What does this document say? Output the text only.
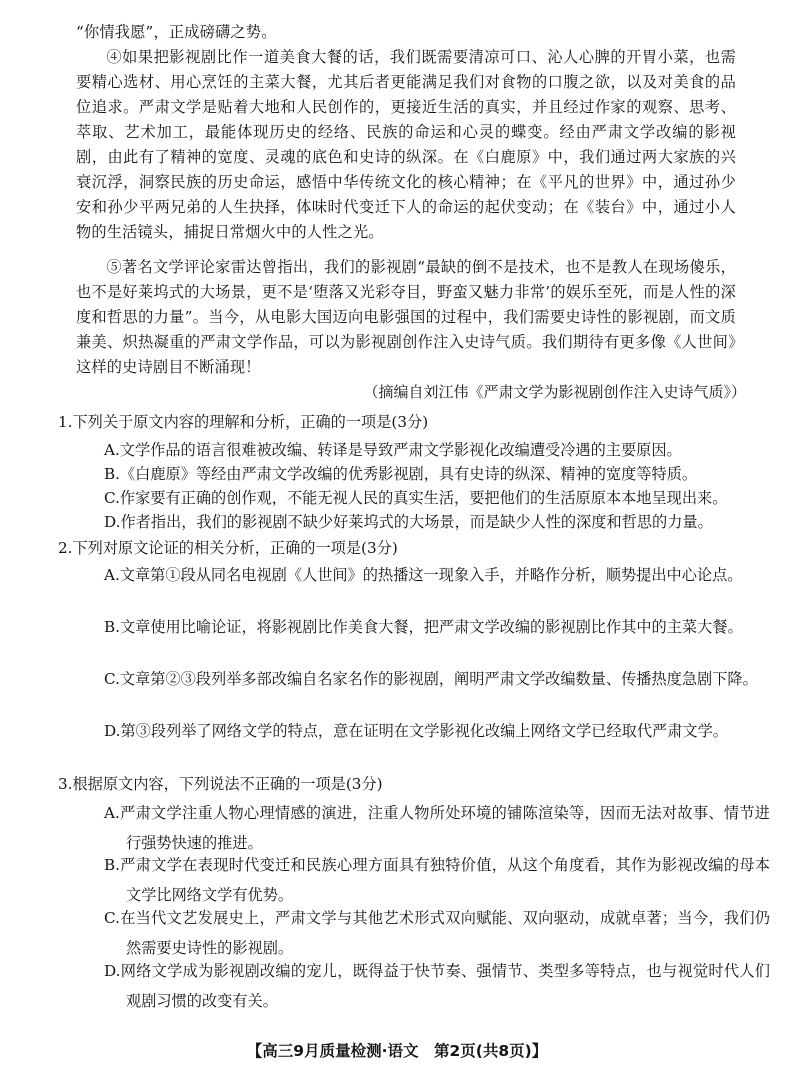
“你情我愿”，正成磅礴之势。
④如果把影视剧比作一道美食大餐的话，我们既需要清凉可口、沁人心脾的开胃小菜，也需要精心选材、用心烹饪的主菜大餐，尤其后者更能满足我们对食物的口腹之欲，以及对美食的品位追求。严肃文学是贴着大地和人民创作的，更接近生活的真实，并且经过作家的观察、思考、萃取、艺术加工，最能体现历史的经络、民族的命运和心灵的蝶变。经由严肃文学改编的影视剧，由此有了精神的宽度、灵魂的底色和史诗的纵深。在《白鹿原》中，我们通过两大家族的兴衰沉浮，洞察民族的历史命运，感悟中华传统文化的核心精神；在《平凡的世界》中，通过孙少安和孙少平两兄弟的人生抉择，体味时代变迁下人的命运的起伏变动；在《装台》中，通过小人物的生活镜头，捕捉日常烟火中的人性之光。
⑤著名文学评论家雷达曾指出，我们的影视剧“最缺的倒不是技术，也不是教人在现场傻乐，也不是好莱坞式的大场景，更不是‘堕落又光彩夺目，野蛮又魅力非常’的娱乐至死，而是人性的深度和哲思的力量”。当今，从电影大国迈向电影强国的过程中，我们需要史诗性的影视剧，而文质兼美、炽热凝重的严肃文学作品，可以为影视剧创作注入史诗气质。我们期待有更多像《人世间》这样的史诗剧目不断涌现！
（摘编自刘江伟《严肃文学为影视剧创作注入史诗气质》）
1.下列关于原文内容的理解和分析，正确的一项是(3分)
A.文学作品的语言很难被改编、转译是导致严肃文学影视化改编遭受冷遇的主要原因。
B.《白鹿原》等经由严肃文学改编的优秀影视剧，具有史诗的纵深、精神的宽度等特质。
C.作家要有正确的创作观，不能无视人民的真实生活，要把他们的生活原原本本地呈现出来。
D.作者指出，我们的影视剧不缺少好莱坞式的大场景，而是缺少人性的深度和哲思的力量。
2.下列对原文论证的相关分析，正确的一项是(3分)
A.文章第①段从同名电视剧《人世间》的热播这一现象入手，并略作分析，顺势提出中心论点。
B.文章使用比喻论证，将影视剧比作美食大餐，把严肃文学改编的影视剧比作其中的主菜大餐。
C.文章第②③段列举多部改编自名家名作的影视剧，阐明严肃文学改编数量、传播热度急剧下降。
D.第③段列举了网络文学的特点，意在证明在文学影视化改编上网络文学已经取代严肃文学。
3.根据原文内容，下列说法不正确的一项是(3分)
A.严肃文学注重人物心理情感的演进，注重人物所处环境的铺陈渲染等，因而无法对故事、情节进行强势快速的推进。
B.严肃文学在表现时代变迁和民族心理方面具有独特价值，从这个角度看，其作为影视改编的母本文学比网络文学有优势。
C.在当代文艺发展史上，严肃文学与其他艺术形式双向赋能、双向驱动，成就卓著；当今，我们仍然需要史诗性的影视剧。
D.网络文学成为影视剧改编的宠儿，既得益于快节奏、强情节、类型多等特点，也与视觉时代人们观剧习惯的改变有关。
【高三9月质量检测·语文　第2页(共8页)】
